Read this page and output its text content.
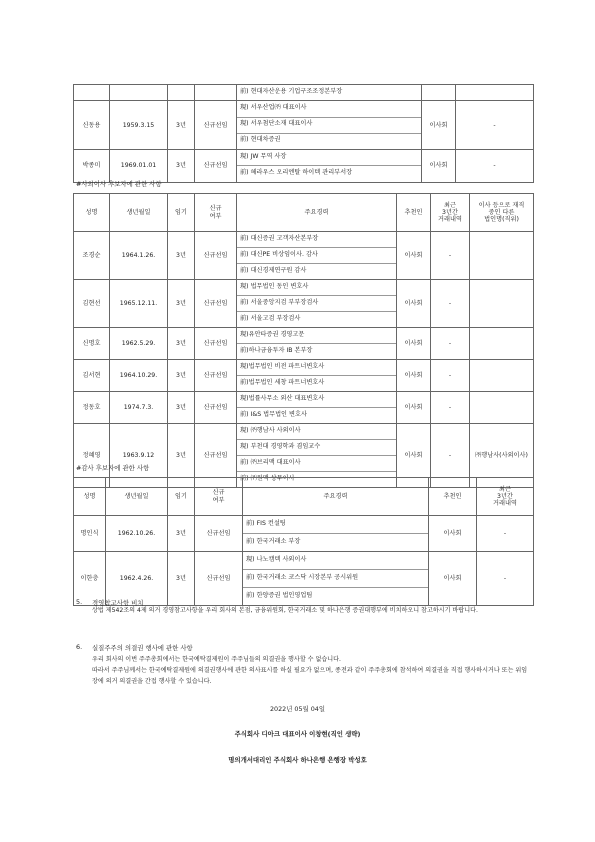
				前) 현대자산운용 기업구조조정본부장		

신동용	1959.3.15	3년	신규선임	現) 서우산업㈜ 대표이사
現) 서우첨단소재 대표이사
前) 현대차증권	이사회	-
박종미	1969.01.01	3년	신규선임	現) JW 무역 사장
前) 헤라우스 오리엔탈 하이텍 관리부서장	이사회	-
#사외이사 후보자에 관한 사항
성명	생년월일	임기	신규
여부	주요경력	추천인	최근
3년간
거래내역	이사 등으로 재직
중인 다른
법인명(직위)
조경순	1964.1.26.	3년	신규선임	前) 대신증권 고객자산본부장
前) 대신PE 비상임이사. 감사
前) 대신경제연구원 감사	이사회	-	
김현선	1965.12.11.	3년	신규선임	現) 법무법인 동인 변호사
前) 서울중앙지검 부부장검사
前) 서울고검 부장검사	이사회	-	
신명호	1962.5.29.	3년	신규선임	現)유안타증권 경영고문
前)하나금융투자 IB 본부장	이사회	-	
김서현	1964.10.29.	3년	신규선임	現)법무법인 비전 파트너변호사
前)법무법인 세창 파트너변호사	이사회	-	
정동호	1974.7.3.	3년	신규선임	現)법률사무소 외산 대표변호사
前) I&S 법무법인 변호사	이사회	-	
정혜영	1963.9.12	3년	신규선임	現) ㈜행남사 사외이사
現) 부천대 경영학과 겸임교수
前) ㈜브리맥 대표이사
前) ㈜원맥 상무이사	이사회	-	㈜행남사(사외이사)
#감사 후보자에 관한 사항
성명	생년월일	임기	신규
여부	주요경력	추천인	최근
3년간
거래내역
명인식	1962.10.26.	3년	신규선임	前) FIS 컨설팅
前) 한국거래소 부장	이사회	-
이한충	1962.4.26.	3년	신규선임	現) 나노캠텍 사외이사
前) 한국거래소 코스닥 시장본부 공시위원
前) 한양증권 법인영업팀	이사회	-
5. 경영참고사항 비치
상법 제542조의 4제 의거 경영참고사항을 우리 회사의 본점, 금융위원회, 한국거래소 및 하나은행 증권대행부에 비치하오니 참고하시기 바랍니다.
6. 실질주주의 의결권 행사에 관한 사항
우리 회사의 이번 주주총회에서는 한국예탁결제원이 주주님들의 의결권을 행사할 수 없습니다.
따라서 주주님께서는 한국예탁결제원에 의결권행사에 관한 의사표시를 하실 필요가 없으며, 종전과 같이 주주총회에 참석하여 의결권을 직접 행사하시거나 또는 위임장에 의거 의결권을 간접 행사할 수 있습니다.
2022년 05월 04일
주식회사 디아크 대표이사 이창현(직인 생략)
명의개서대리인 주식회사 하나은행 은행장 박성호
